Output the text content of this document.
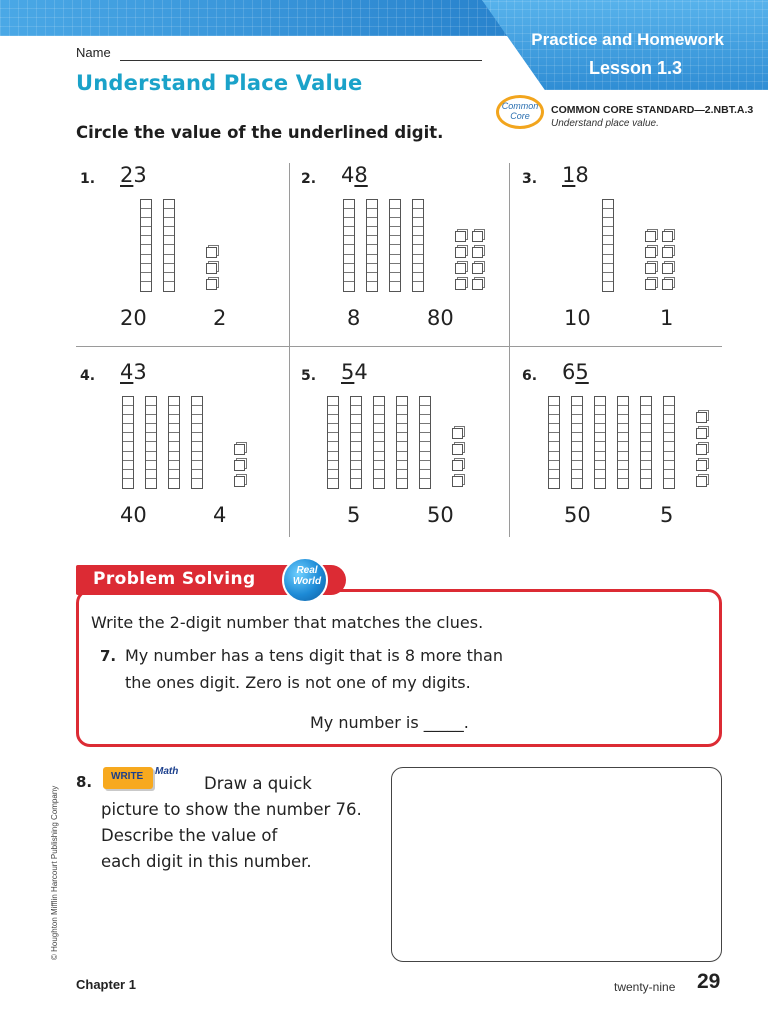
Practice and Homework
Lesson 1.3
Name
Understand Place Value
Common Core	COMMON CORE STANDARD—2.NBT.A.3
Understand place value.
Circle the value of the underlined digit.
1. 23
20	2
2. 48
8	80
3. 18
10	1
4. 43
40	4
5. 54
5	50
6. 65
50	5
Problem Solving	Real
World
Write the 2-digit number that matches the clues.
7. My number has a tens digit that is 8 more than
the ones digit. Zero is not one of my digits.
My number is _____.
8. WRITE Math
Draw a quick
picture to show the number 76.
Describe the value of
each digit in this number.
© Houghton Mifflin Harcourt Publishing Company
Chapter 1	twenty-nine 29
